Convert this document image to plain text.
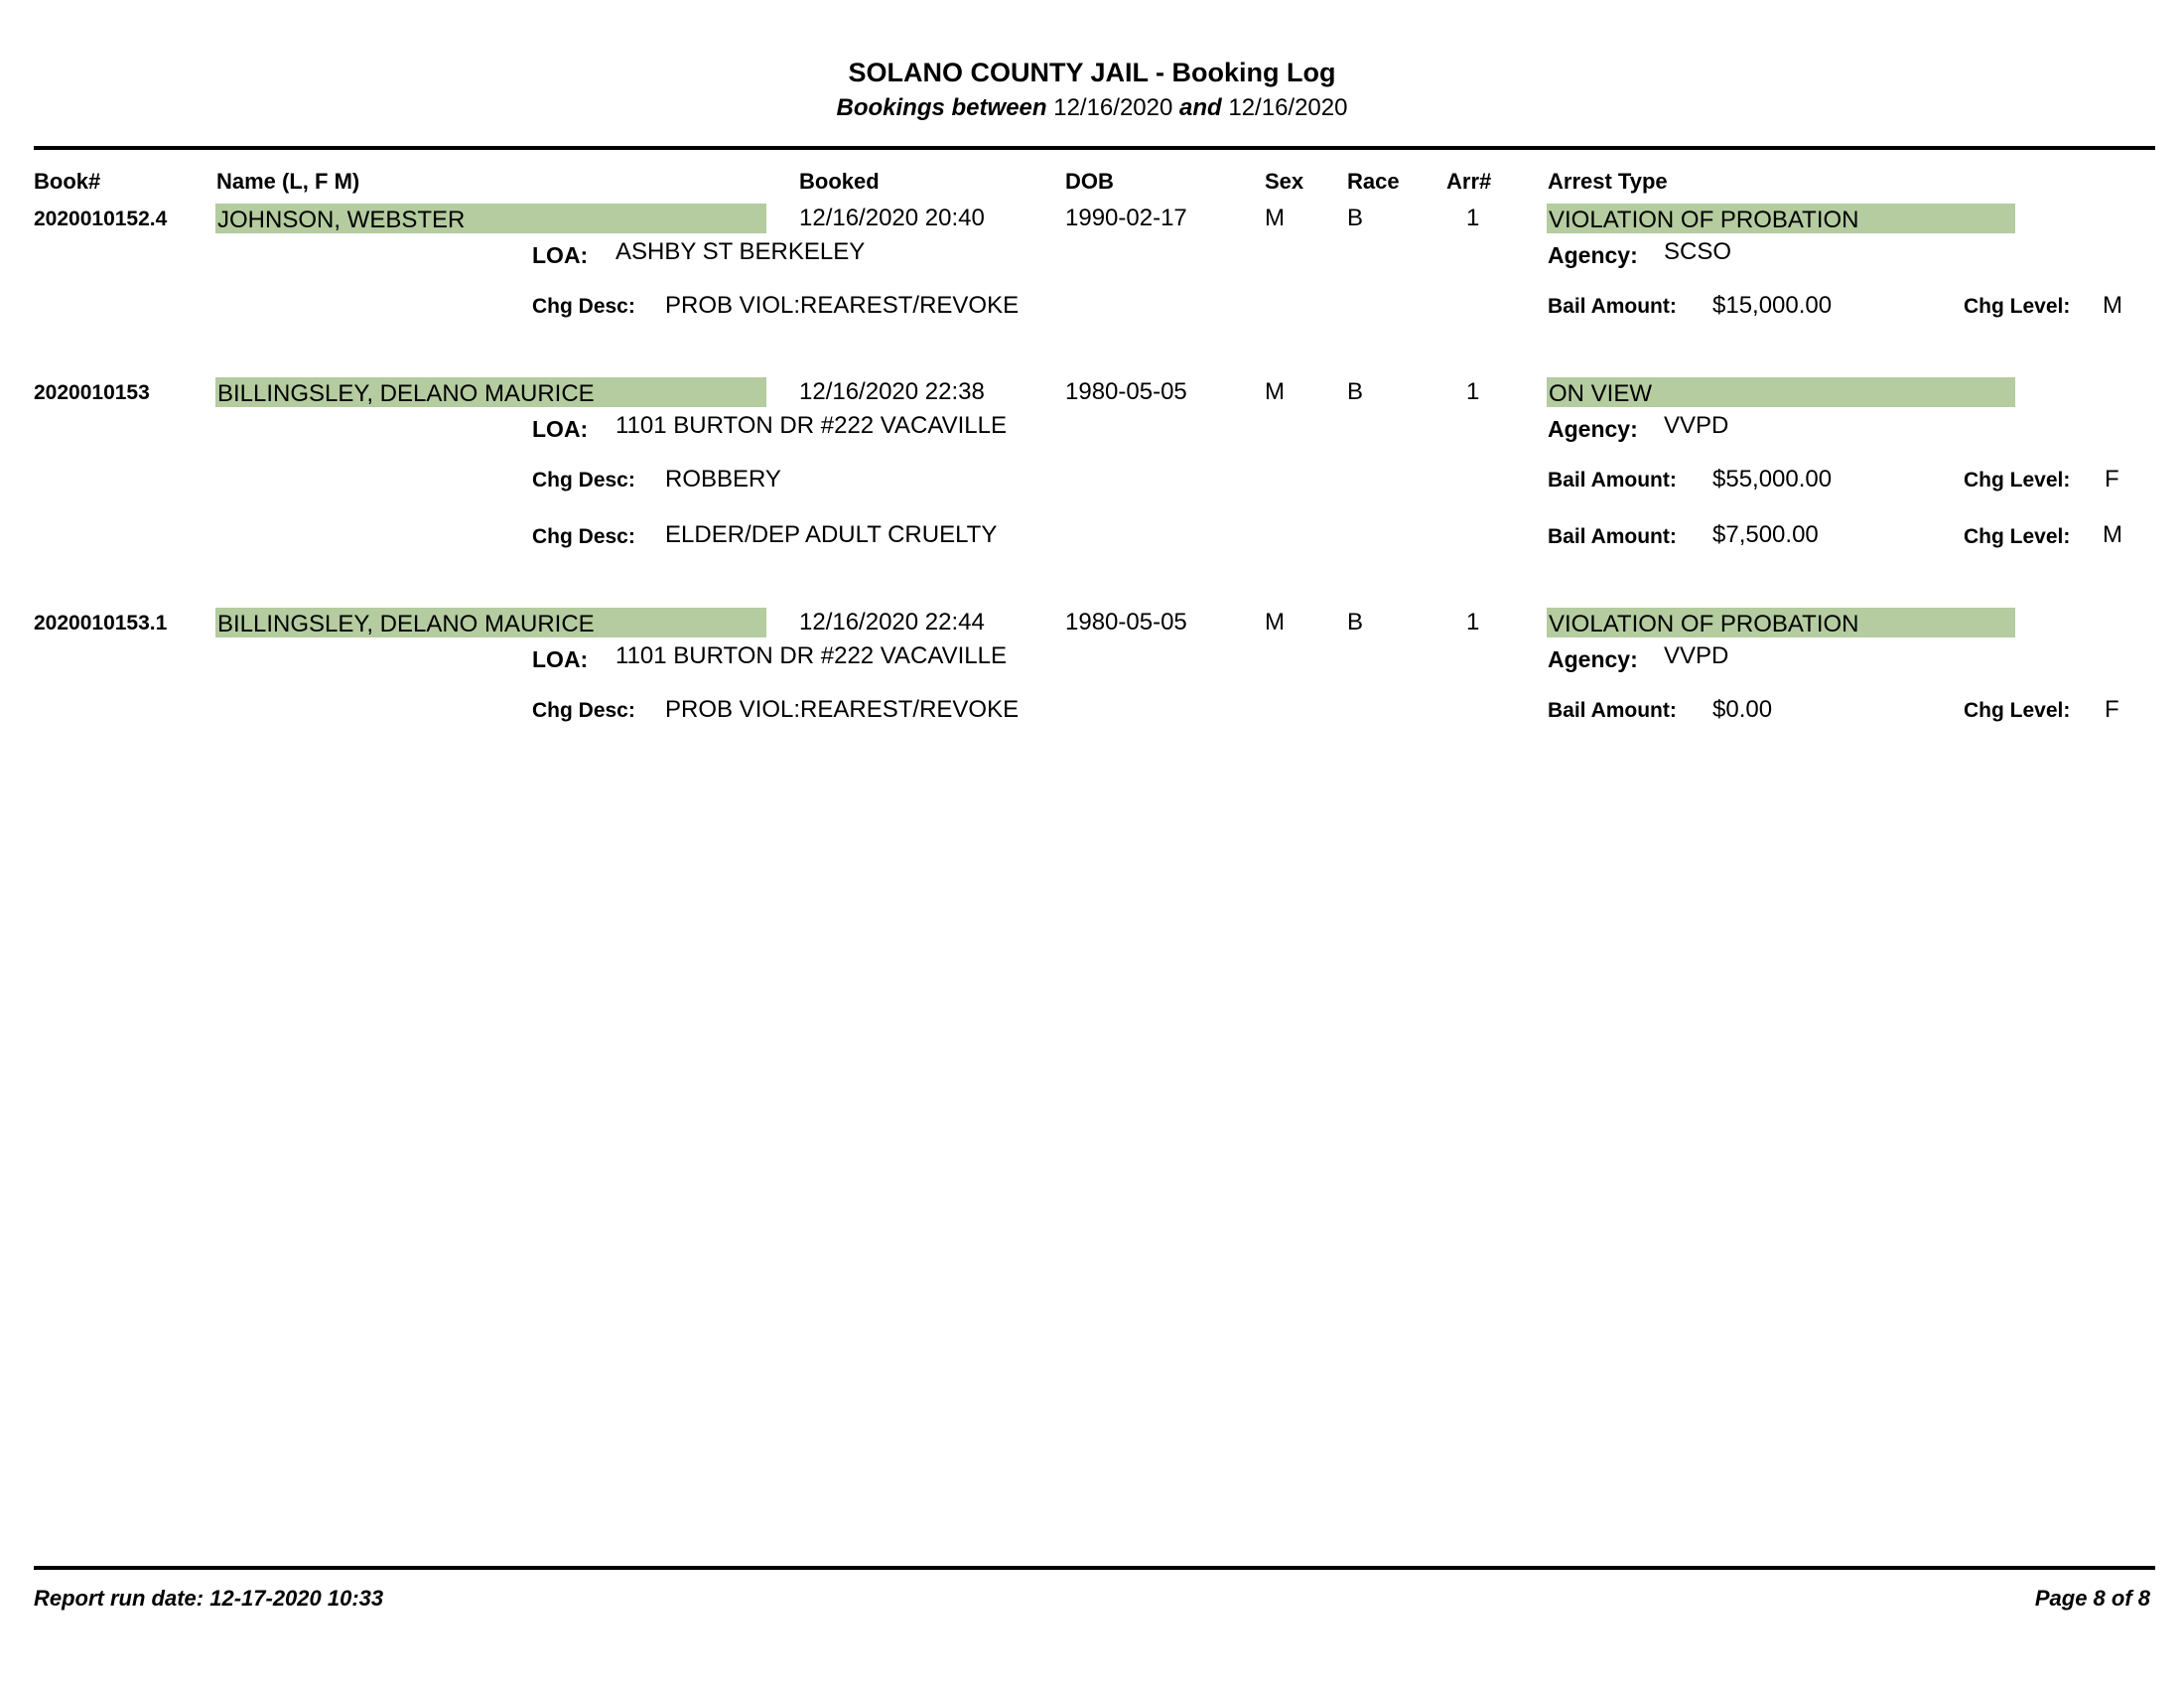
SOLANO COUNTY JAIL - Booking Log
Bookings between 12/16/2020 and 12/16/2020
Book#	Name (L, F M)	Booked	DOB	Sex Race Arr#	Arrest Type
2020010152.4 JOHNSON, WEBSTER	12/16/2020 20:40	1990-02-17	M	B	1	VIOLATION OF PROBATION
LOA: ASHBY ST BERKELEY	Agency: SCSO
Chg Desc: PROB VIOL:REAREST/REVOKE	Bail Amount: $15,000.00	Chg Level: M
2020010153	BILLINGSLEY, DELANO MAURICE	12/16/2020 22:38	1980-05-05	M	B	1	ON VIEW
LOA: 1101 BURTON DR #222 VACAVILLE	Agency: VVPD
Chg Desc: ROBBERY	Bail Amount: $55,000.00	Chg Level: F
Chg Desc: ELDER/DEP ADULT CRUELTY	Bail Amount: $7,500.00	Chg Level: M
2020010153.1 BILLINGSLEY, DELANO MAURICE	12/16/2020 22:44	1980-05-05	M	B	1	VIOLATION OF PROBATION
LOA: 1101 BURTON DR #222 VACAVILLE	Agency: VVPD
Chg Desc: PROB VIOL:REAREST/REVOKE	Bail Amount: $0.00	Chg Level: F
Report run date: 12-17-2020 10:33	Page 8 of 8
